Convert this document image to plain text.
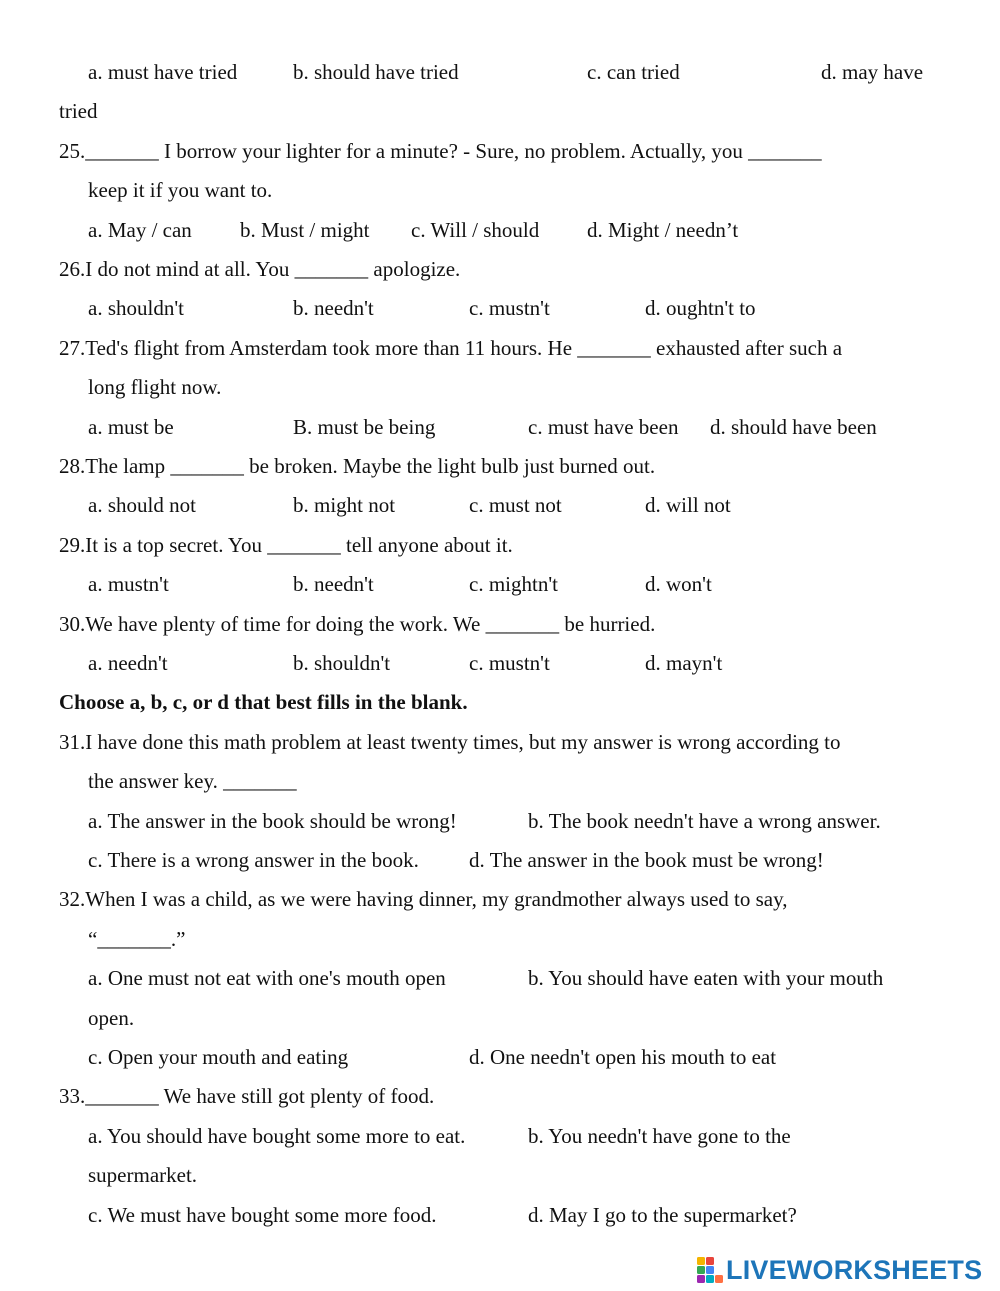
a. must have tried	b. should have tried	c. can tried	d. may have
tried
25._______ I borrow your lighter for a minute? - Sure, no problem. Actually, you _______
keep it if you want to.
a. May / can b. Must / might c. Will / should d. Might / needn’t
26.I do not mind at all. You _______ apologize.
a. shouldn't	b. needn't	c. mustn't	d. oughtn't to
27.Ted's flight from Amsterdam took more than 11 hours. He _______ exhausted after such a
long flight now.
a. must be	B. must be being	c. must have been d. should have been
28.The lamp _______ be broken. Maybe the light bulb just burned out.
a. should not	b. might not	c. must not	d. will not
29.It is a top secret. You _______ tell anyone about it.
a. mustn't	b. needn't	c. mightn't	d. won't
30.We have plenty of time for doing the work. We _______ be hurried.
a. needn't	b. shouldn't	c. mustn't	d. mayn't
Choose a, b, c, or d that best fills in the blank.
31.I have done this math problem at least twenty times, but my answer is wrong according to
the answer key. _______
a. The answer in the book should be wrong!	b. The book needn't have a wrong answer.
c. There is a wrong answer in the book. d. The answer in the book must be wrong!
32.When I was a child, as we were having dinner, my grandmother always used to say,
“_______.”
a. One must not eat with one's mouth open	b. You should have eaten with your mouth
open.
c. Open your mouth and eating	d. One needn't open his mouth to eat
33._______ We have still got plenty of food.
a. You should have bought some more to eat.	b. You needn't have gone to the
supermarket.
c. We must have bought some more food.	d. May I go to the supermarket?
LIVEWORKSHEETS
